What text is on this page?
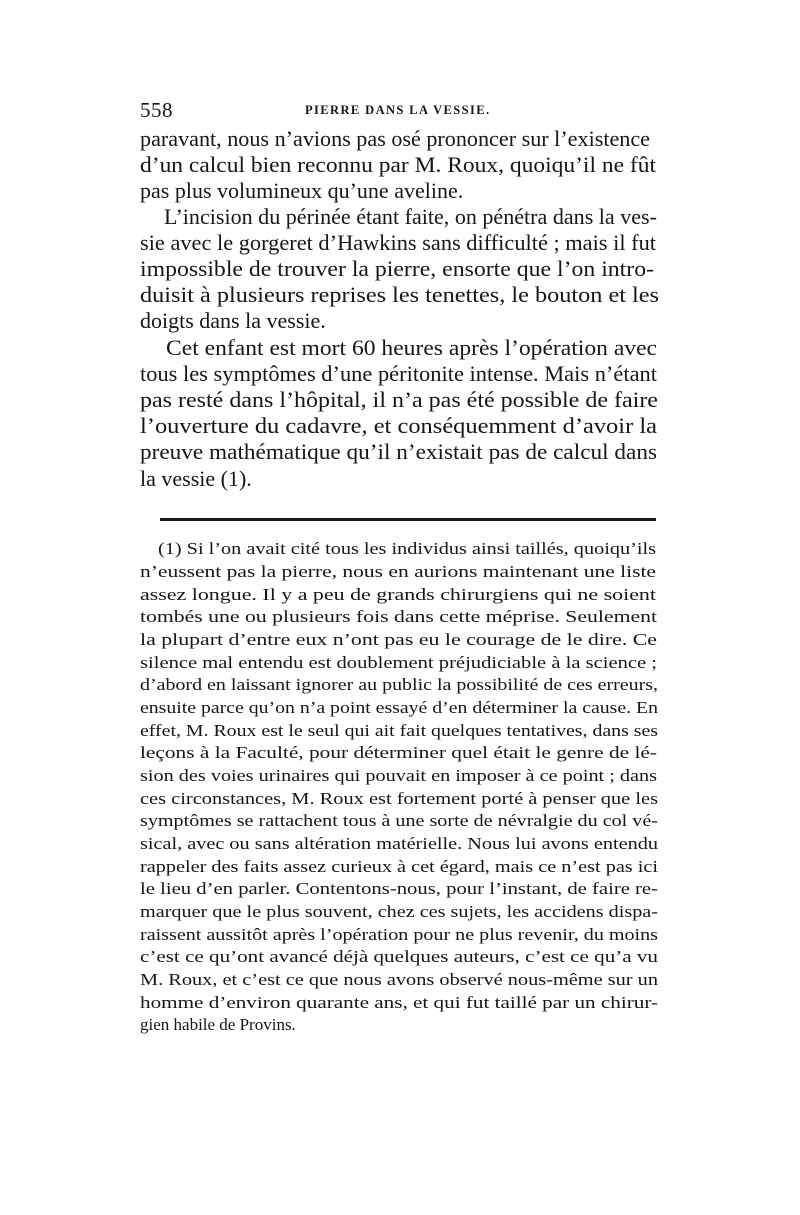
558	PIERRE DANS LA VESSIE.
paravant, nous n’avions pas osé prononcer sur l’existence
d’un calcul bien reconnu par M. Roux, quoiqu’il ne fût
pas plus volumineux qu’une aveline.
L’incision du périnée étant faite, on pénétra dans la ves-
sie avec le gorgeret d’Hawkins sans difficulté ; mais il fut
impossible de trouver la pierre, ensorte que l’on intro-
duisit à plusieurs reprises les tenettes, le bouton et les
doigts dans la vessie.
Cet enfant est mort 60 heures après l’opération avec
tous les symptômes d’une péritonite intense. Mais n’étant
pas resté dans l’hôpital, il n’a pas été possible de faire
l’ouverture du cadavre, et conséquemment d’avoir la
preuve mathématique qu’il n’existait pas de calcul dans
la vessie (1).
(1) Si l’on avait cité tous les individus ainsi taillés, quoiqu’ils
n’eussent pas la pierre, nous en aurions maintenant une liste
assez longue. Il y a peu de grands chirurgiens qui ne soient
tombés une ou plusieurs fois dans cette méprise. Seulement
la plupart d’entre eux n’ont pas eu le courage de le dire. Ce
silence mal entendu est doublement préjudiciable à la science ;
d’abord en laissant ignorer au public la possibilité de ces erreurs,
ensuite parce qu’on n’a point essayé d’en déterminer la cause. En
effet, M. Roux est le seul qui ait fait quelques tentatives, dans ses
leçons à la Faculté, pour déterminer quel était le genre de lé-
sion des voies urinaires qui pouvait en imposer à ce point ; dans
ces circonstances, M. Roux est fortement porté à penser que les
symptômes se rattachent tous à une sorte de névralgie du col vé-
sical, avec ou sans altération matérielle. Nous lui avons entendu
rappeler des faits assez curieux à cet égard, mais ce n’est pas ici
le lieu d’en parler. Contentons-nous, pour l’instant, de faire re-
marquer que le plus souvent, chez ces sujets, les accidens dispa-
raissent aussitôt après l’opération pour ne plus revenir, du moins
c’est ce qu’ont avancé déjà quelques auteurs, c’est ce qu’a vu
M. Roux, et c’est ce que nous avons observé nous-même sur un
homme d’environ quarante ans, et qui fut taillé par un chirur-
gien habile de Provins.
